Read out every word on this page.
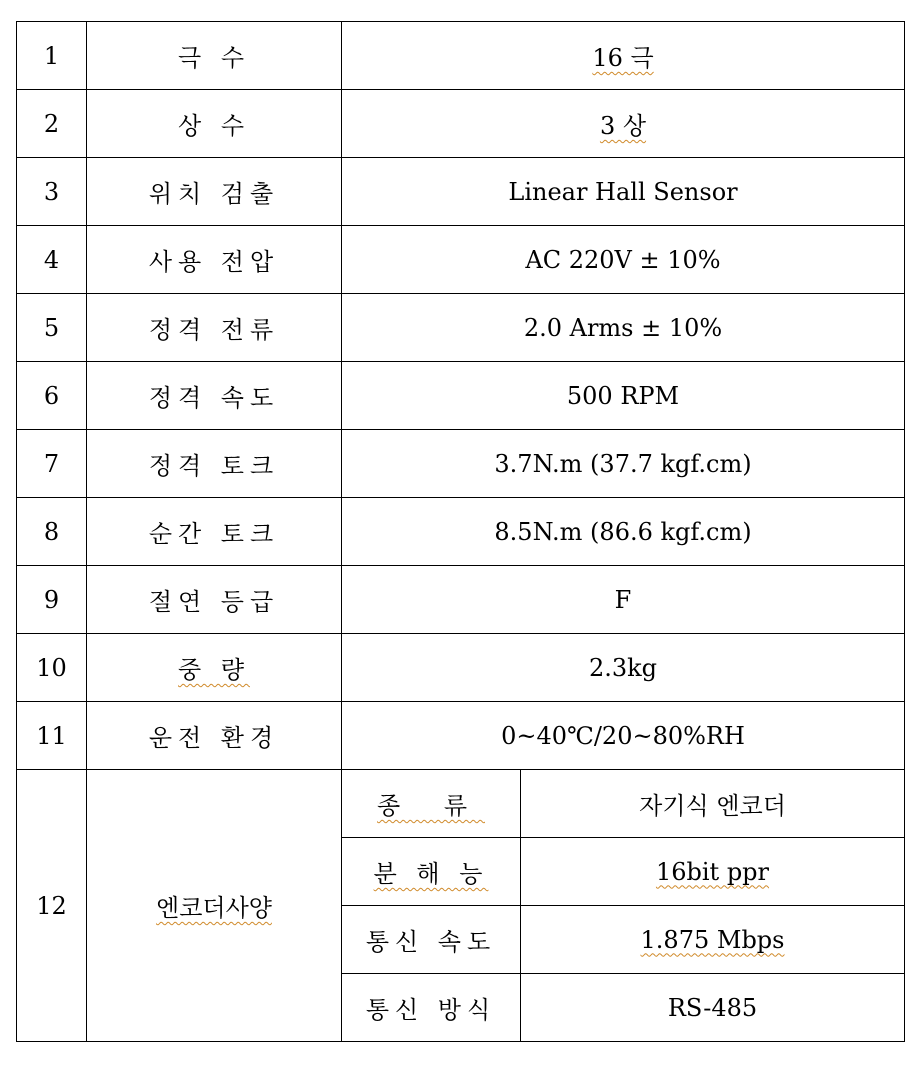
1	극 수	16 극	
2	상 수	3 상	
3	위치 검출	Linear Hall Sensor	
4	사용 전압	AC 220V ± 10%	
5	정격 전류	2.0 Arms ± 10%	
6	정격 속도	500 RPM	
7	정격 토크	3.7N.m (37.7 kgf.cm)	
8	순간 토크	8.5N.m (86.6 kgf.cm)	
9	절연 등급	F	
10	중 량	2.3kg	
11	운전 환경	0~40℃/20~80%RH	
12	엔코더사양	종 류	자기식 엔코더
		분 해 능	16bit ppr
		통신 속도	1.875 Mbps
		통신 방식	RS-485
